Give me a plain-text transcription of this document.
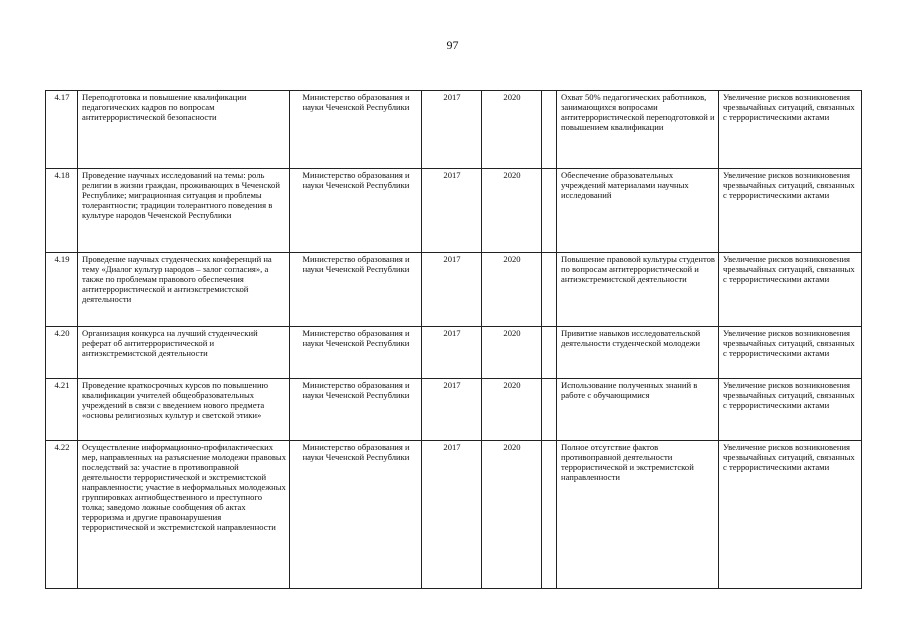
97
4.17	Переподготовка и повышение квалификации педагогических кадров по вопросам антитеррористической безопасности	Министерство образования и науки Чеченской Республики	2017	2020		Охват 50% педагогических работников, занимающихся вопросами антитеррористической переподготовкой и повышением квалификации	Увеличение рисков возникновения чрезвычайных ситуаций, связанных с террористическими актами
4.18	Проведение научных исследований на темы: роль религии в жизни граждан, проживающих в Чеченской Республике; миграционная ситуация и проблемы толерантности; традиции толерантного поведения в культуре народов Чеченской Республики	Министерство образования и науки Чеченской Республики	2017	2020		Обеспечение образовательных учреждений материалами научных исследований	Увеличение рисков возникновения чрезвычайных ситуаций, связанных с террористическими актами
4.19	Проведение научных студенческих конференций на тему «Диалог культур народов – залог согласия», а также по проблемам правового обеспечения антитеррористической и антиэкстремистской деятельности	Министерство образования и науки Чеченской Республики	2017	2020		Повышение правовой культуры студентов по вопросам антитеррористической и антиэкстремистской деятельности	Увеличение рисков возникновения чрезвычайных ситуаций, связанных с террористическими актами
4.20	Организация конкурса на лучший студенческий реферат об антитеррористической и антиэкстремистской деятельности	Министерство образования и науки Чеченской Республики	2017	2020		Привитие навыков исследовательской деятельности студенческой молодежи	Увеличение рисков возникновения чрезвычайных ситуаций, связанных с террористическими актами
4.21	Проведение краткосрочных курсов по повышению квалификации учителей общеобразовательных учреждений в связи с введением нового предмета «основы религиозных культур и светской этики»	Министерство образования и науки Чеченской Республики	2017	2020		Использование полученных знаний в работе с обучающимися	Увеличение рисков возникновения чрезвычайных ситуаций, связанных с террористическими актами
4.22	Осуществление информационно-профилактических мер, направленных на разъяснение молодежи правовых последствий за: участие в противоправной деятельности террористической и экстремистской направленности; участие в неформальных молодежных группировках антиобщественного и преступного толка; заведомо ложные сообщения об актах терроризма и другие правонарушения террористической и экстремистской направленности	Министерство образования и науки Чеченской Республики	2017	2020		Полное отсутствие фактов противоправной деятельности террористической и экстремистской направленности	Увеличение рисков возникновения чрезвычайных ситуаций, связанных с террористическими актами
